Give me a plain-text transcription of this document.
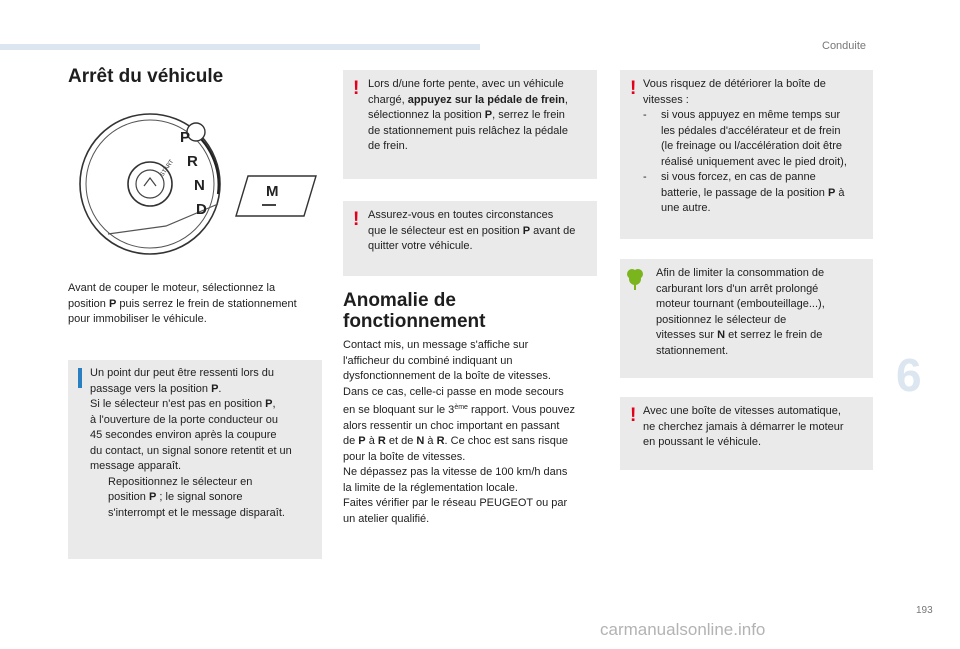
Conduite
6
193
carmanualsonline.info
Arrêt du véhicule
START
P
R
N
D
M
Avant de couper le moteur, sélectionnez la
position P puis serrez le frein de stationnement
pour immobiliser le véhicule.
Un point dur peut être ressenti lors du
passage vers la position P.
Si le sélecteur n'est pas en position P,
à l'ouverture de la porte conducteur ou
45 secondes environ après la coupure
du contact, un signal sonore retentit et un
message apparaît.
Repositionnez le sélecteur en
position P ; le signal sonore
s'interrompt et le message disparaît.
! Lors d/une forte pente, avec un véhicule
chargé, appuyez sur la pédale de frein,
sélectionnez la position P, serrez le frein
de stationnement puis relâchez la pédale
de frein.
! Assurez-vous en toutes circonstances
que le sélecteur est en position P avant de
quitter votre véhicule.
Anomalie de
fonctionnement
Contact mis, un message s'affiche sur
l'afficheur du combiné indiquant un
dysfonctionnement de la boîte de vitesses.
Dans ce cas, celle-ci passe en mode secours
en se bloquant sur le 3ème rapport. Vous pouvez
alors ressentir un choc important en passant
de P à R et de N à R. Ce choc est sans risque
pour la boîte de vitesses.
Ne dépassez pas la vitesse de 100 km/h dans
la limite de la réglementation locale.
Faites vérifier par le réseau PEUGEOT ou par
un atelier qualifié.
! Vous risquez de détériorer la boîte de
vitesses :
- si vous appuyez en même temps sur
les pédales d'accélérateur et de frein
(le freinage ou l/accélération doit être
réalisé uniquement avec le pied droit),
- si vous forcez, en cas de panne
batterie, le passage de la position P à
une autre.
Afin de limiter la consommation de
carburant lors d'un arrêt prolongé
moteur tournant (embouteillage...),
positionnez le sélecteur de
vitesses sur N et serrez le frein de
stationnement.
! Avec une boîte de vitesses automatique,
ne cherchez jamais à démarrer le moteur
en poussant le véhicule.
